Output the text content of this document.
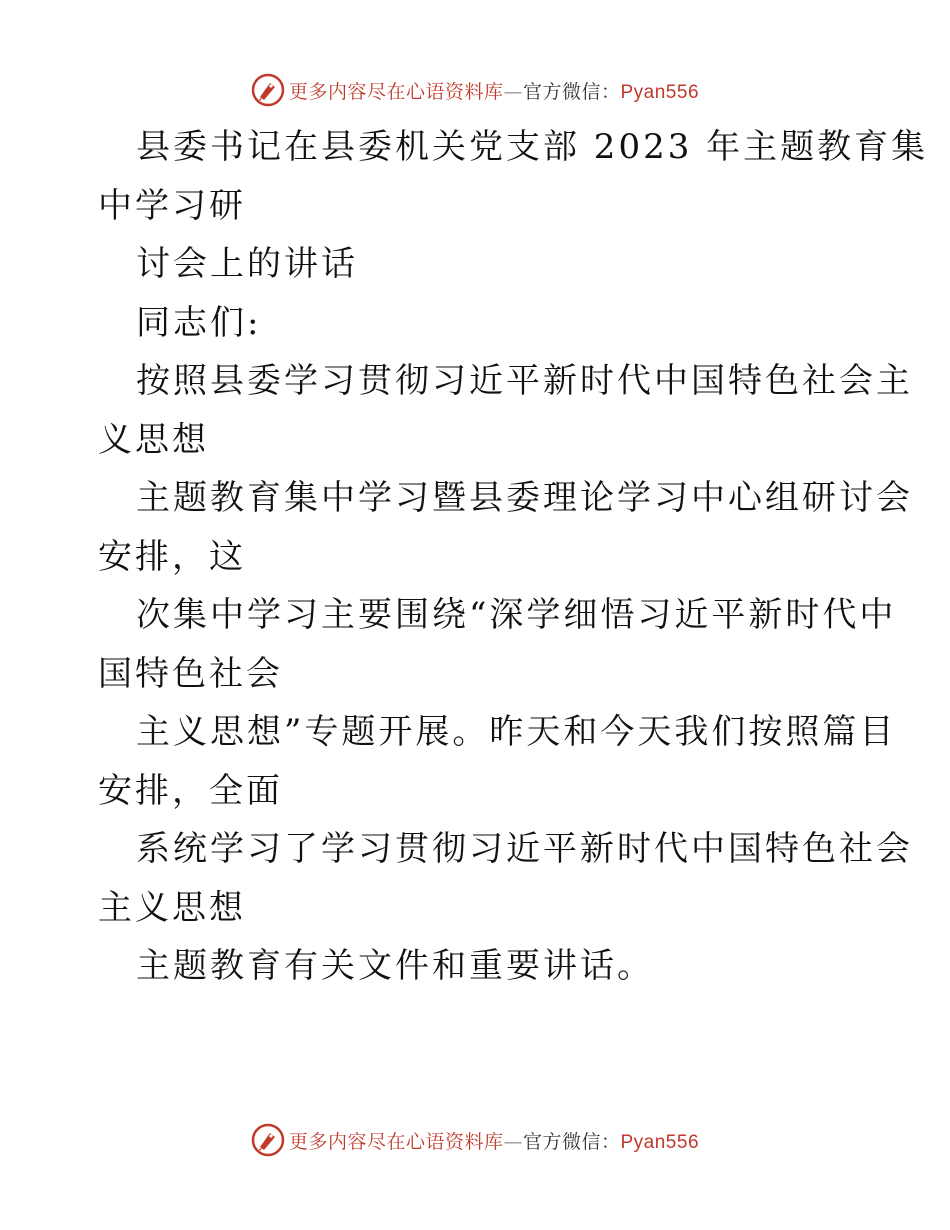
更多内容尽在心语资料库—官方微信：Pyan556
县委书记在县委机关党支部 2023 年主题教育集
中学习研
讨会上的讲话
同志们:
按照县委学习贯彻习近平新时代中国特色社会主
义思想
主题教育集中学习暨县委理论学习中心组研讨会
安排，这
次集中学习主要围绕“深学细悟习近平新时代中
国特色社会
主义思想”专题开展。昨天和今天我们按照篇目
安排，全面
系统学习了学习贯彻习近平新时代中国特色社会
主义思想
主题教育有关文件和重要讲话。
更多内容尽在心语资料库—官方微信：Pyan556
